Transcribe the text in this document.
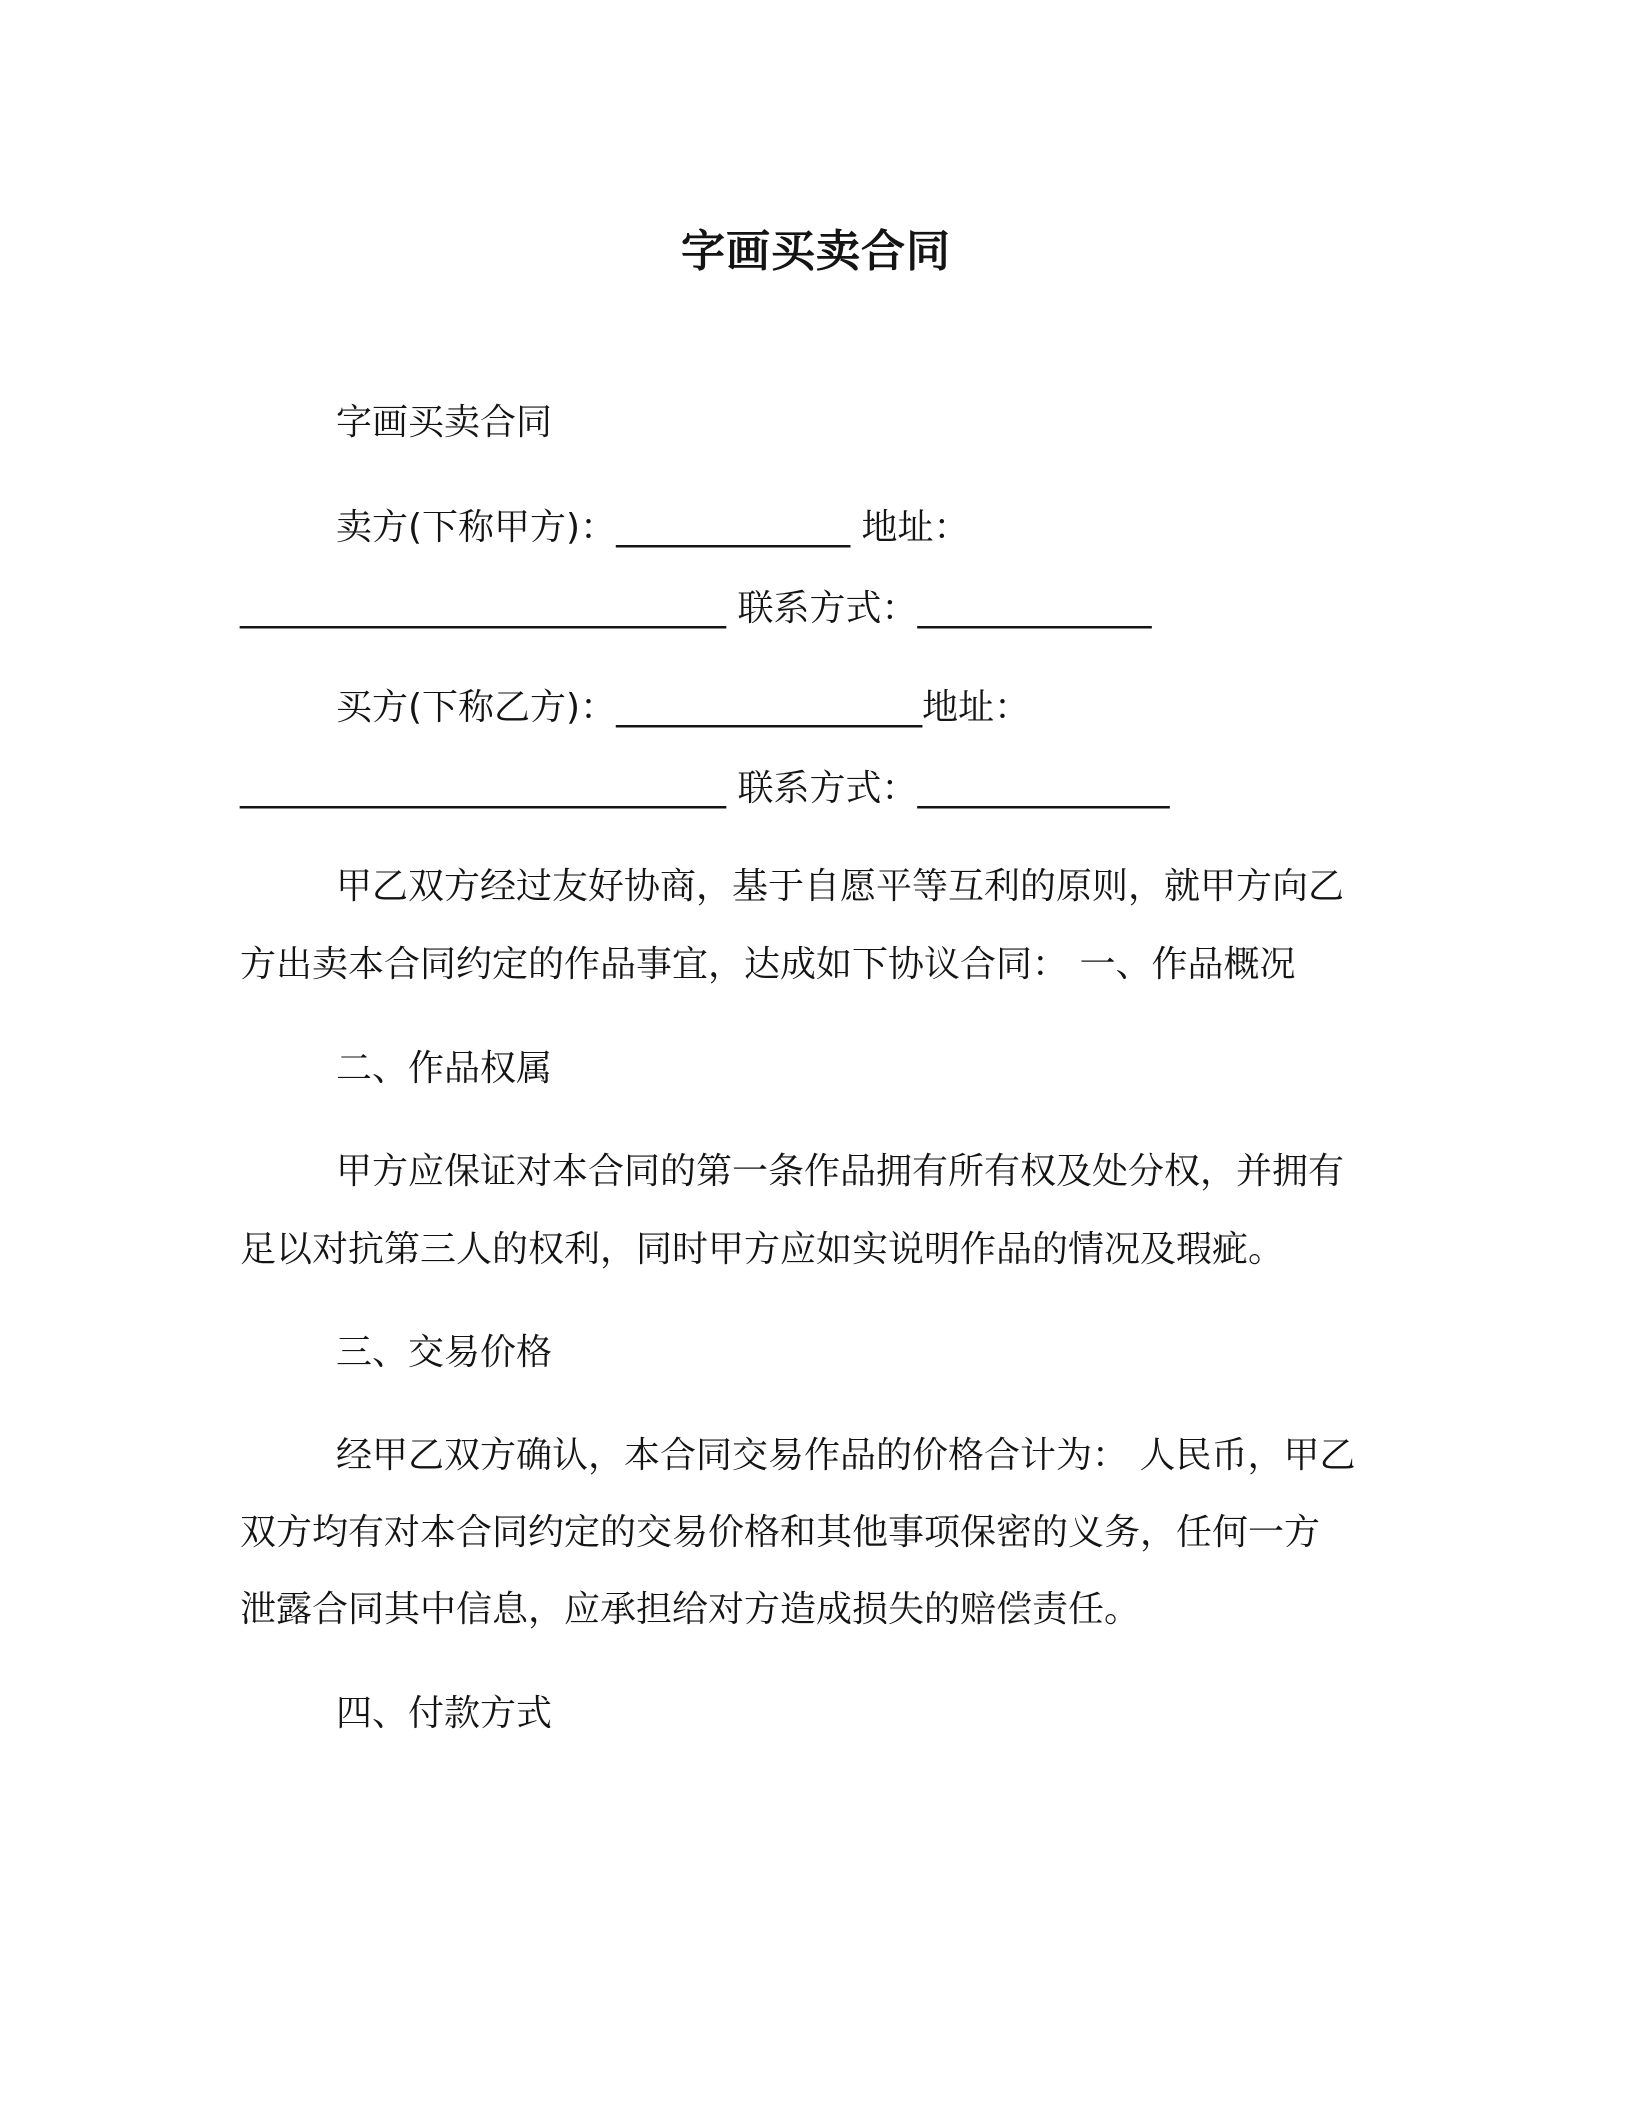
字画买卖合同
字画买卖合同
卖方(下称甲方)：_____________ 地址：
___________________________ 联系方式：_____________
买方(下称乙方)：_________________地址：
___________________________ 联系方式：______________
甲乙双方经过友好协商，基于自愿平等互利的原则，就甲方向乙
方出卖本合同约定的作品事宜，达成如下协议合同： 一、作品概况
二、作品权属
甲方应保证对本合同的第一条作品拥有所有权及处分权，并拥有
足以对抗第三人的权利，同时甲方应如实说明作品的情况及瑕疵。
三、交易价格
经甲乙双方确认，本合同交易作品的价格合计为： 人民币，甲乙
双方均有对本合同约定的交易价格和其他事项保密的义务，任何一方
泄露合同其中信息，应承担给对方造成损失的赔偿责任。
四、付款方式
